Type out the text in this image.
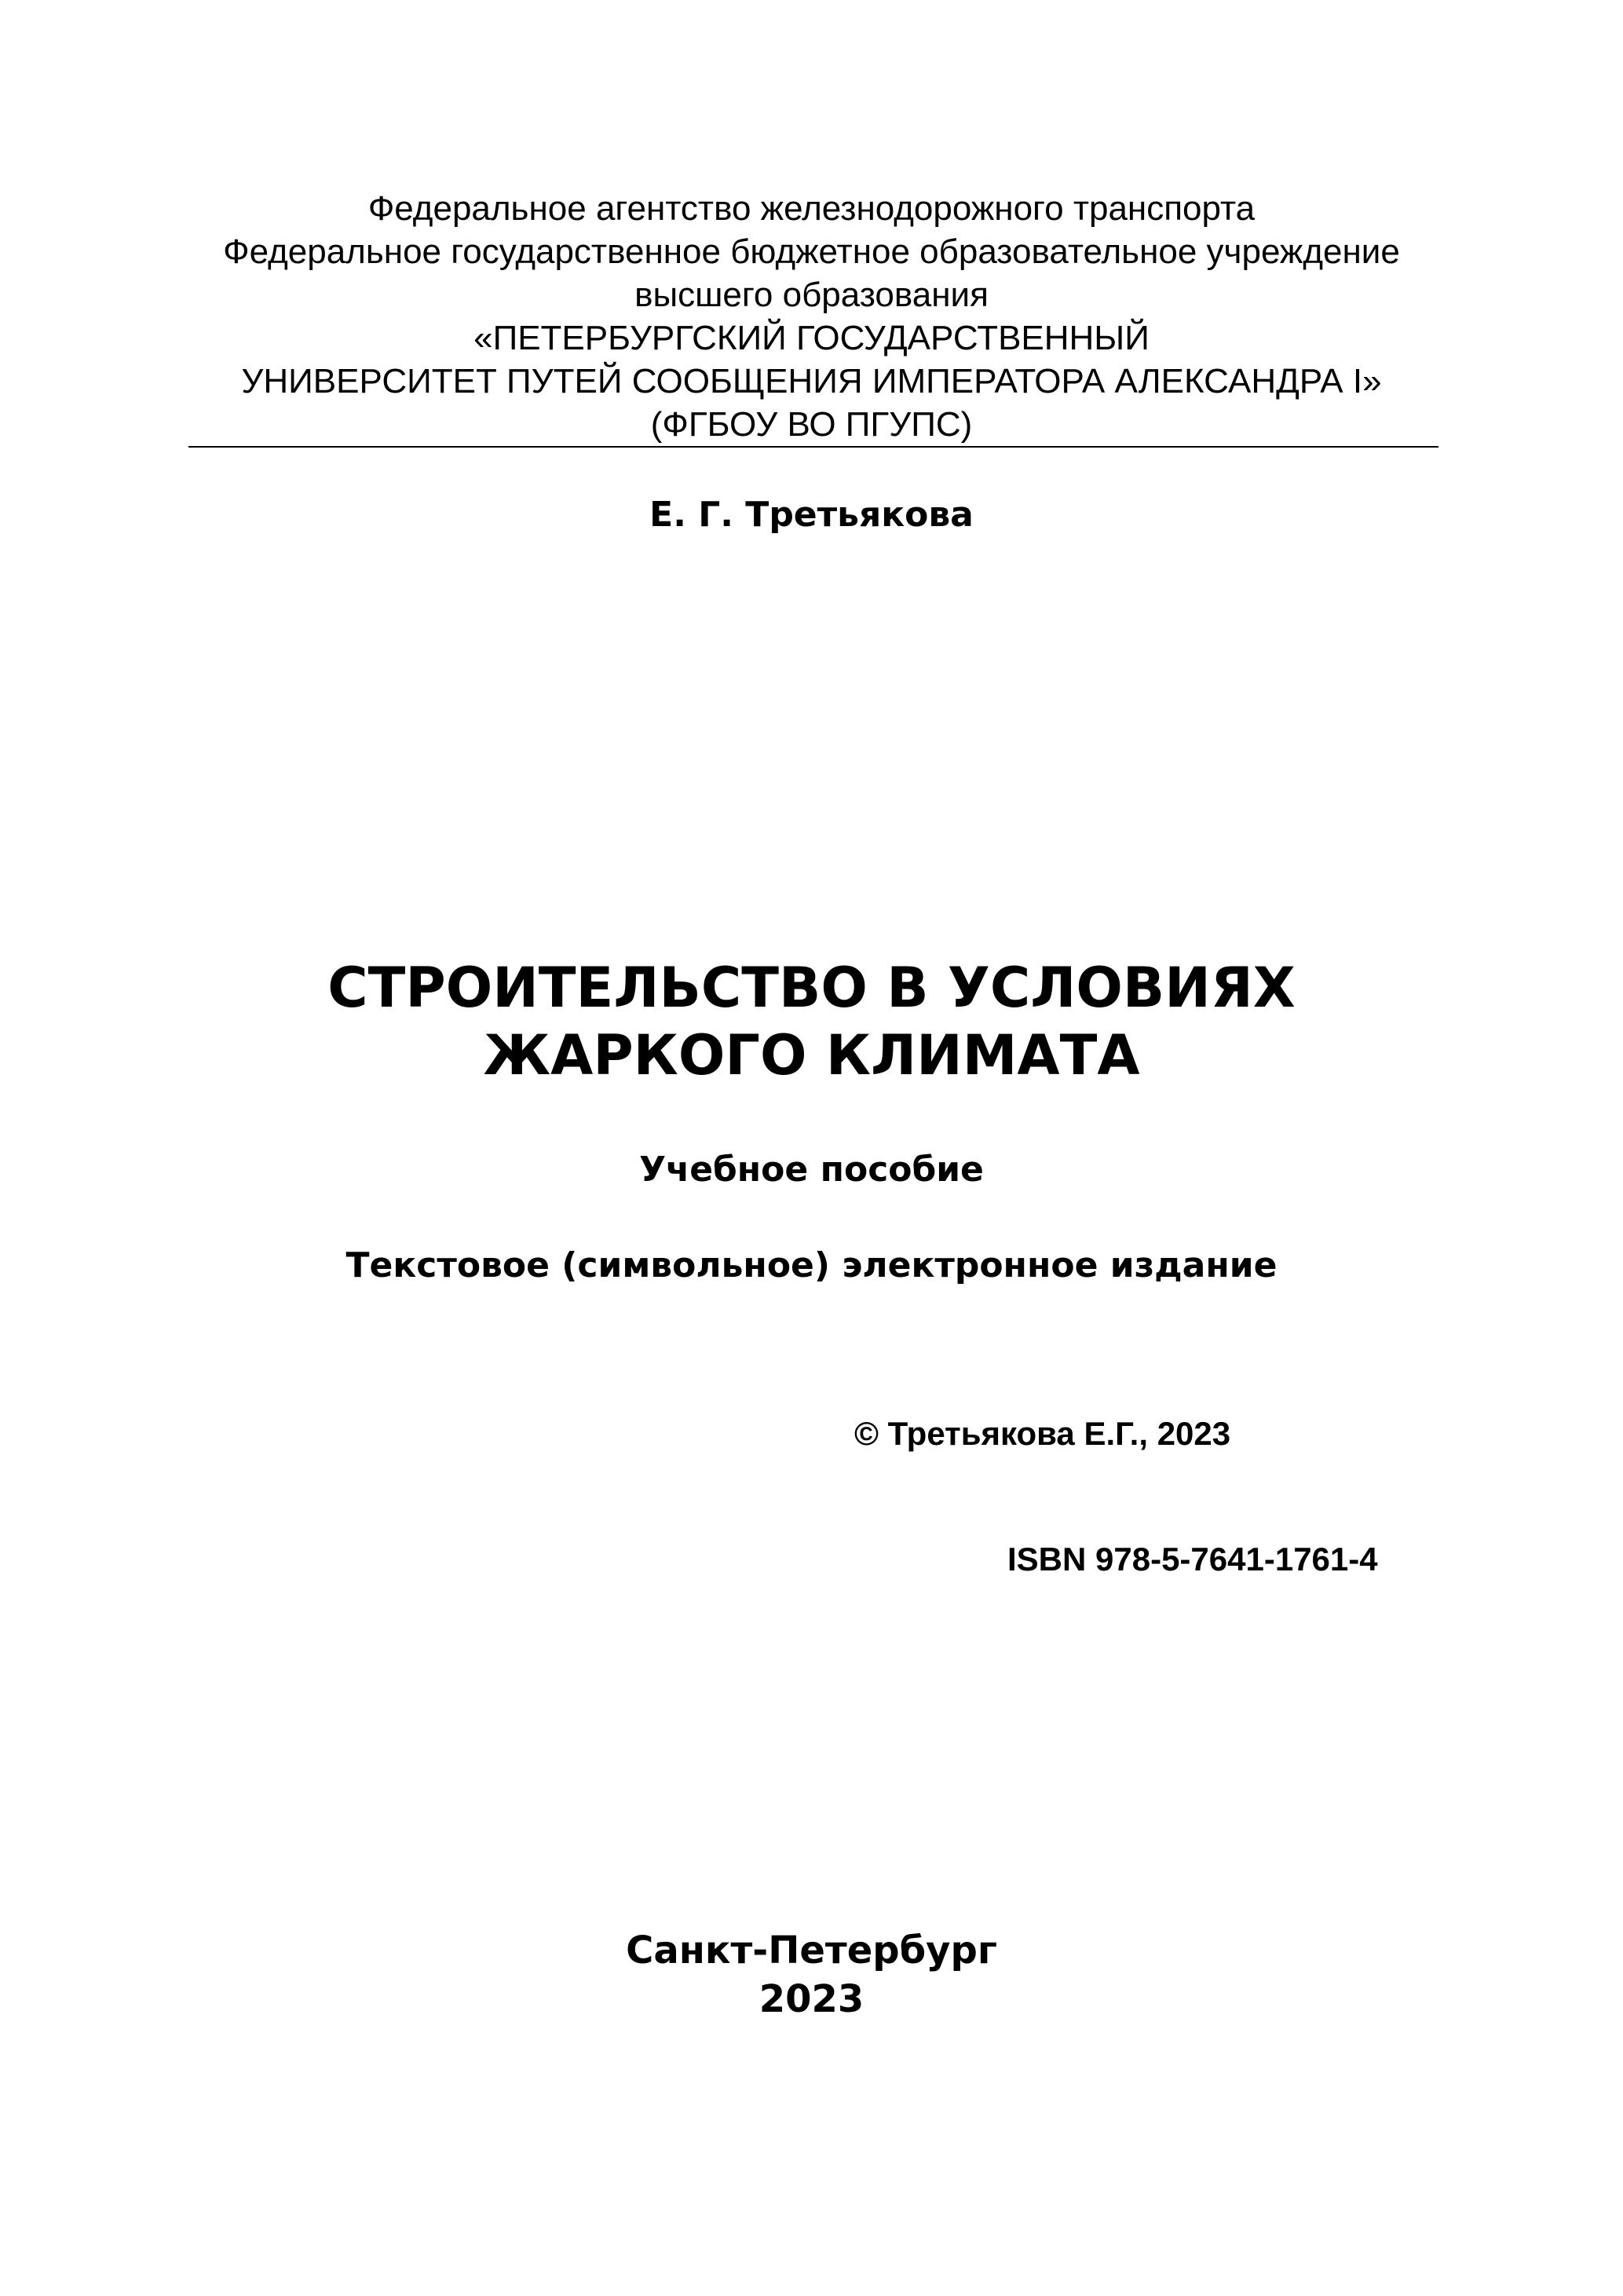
Федеральное агентство железнодорожного транспорта
Федеральное государственное бюджетное образовательное учреждение
высшего образования
«ПЕТЕРБУРГСКИЙ ГОСУДАРСТВЕННЫЙ
УНИВЕРСИТЕТ ПУТЕЙ СООБЩЕНИЯ ИМПЕРАТОРА АЛЕКСАНДРА I»
(ФГБОУ ВО ПГУПС)
Е. Г. Третьякова
СТРОИТЕЛЬСТВО В УСЛОВИЯХ
ЖАРКОГО КЛИМАТА
Учебное пособие
Текстовое (символьное) электронное издание
© Третьякова Е.Г., 2023
ISBN 978-5-7641-1761-4
Санкт-Петербург
2023
